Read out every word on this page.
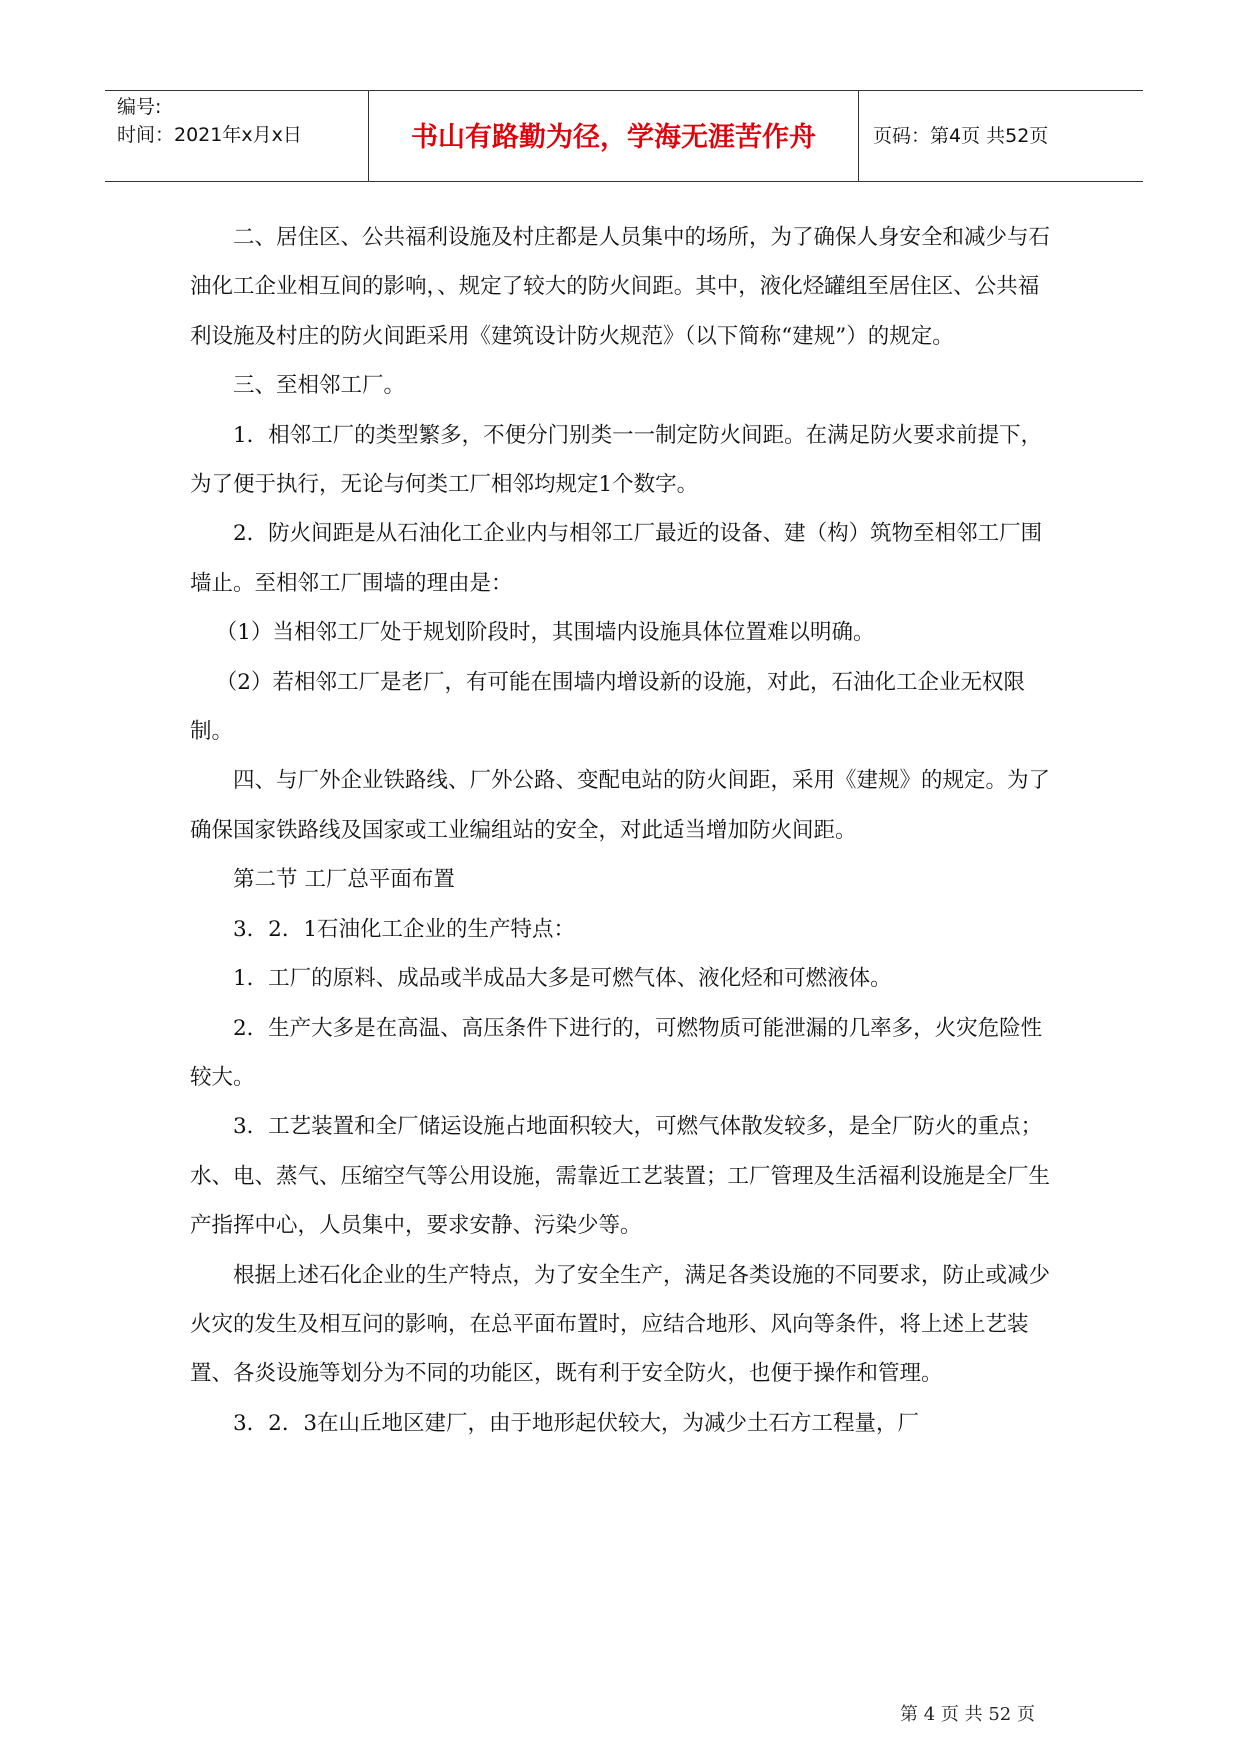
编号:
时间：2021年x月x日	书山有路勤为径，学海无涯苦作舟	页码：第4页 共52页

二、居住区、公共福利设施及村庄都是人员集中的场所，为了确保人身安全和减少与石油化工企业相互间的影响，、规定了较大的防火间距。其中，液化烃罐组至居住区、公共福利设施及村庄的防火间距采用《建筑设计防火规范》（以下简称“建规”）的规定。

三、至相邻工厂。

1．相邻工厂的类型繁多，不便分门别类一一制定防火间距。在满足防火要求前提下，为了便于执行，无论与何类工厂相邻均规定1个数字。

2．防火间距是从石油化工企业内与相邻工厂最近的设备、建（构）筑物至相邻工厂围墙止。至相邻工厂围墙的理由是：

（1）当相邻工厂处于规划阶段时，其围墙内设施具体位置难以明确。

（2）若相邻工厂是老厂，有可能在围墙内增设新的设施，对此，石油化工企业无权限制。

四、与厂外企业铁路线、厂外公路、变配电站的防火间距，采用《建规》的规定。为了确保国家铁路线及国家或工业编组站的安全，对此适当增加防火间距。

第二节 工厂总平面布置

3．2．1石油化工企业的生产特点：

1．工厂的原料、成品或半成品大多是可燃气体、液化烃和可燃液体。

2．生产大多是在高温、高压条件下进行的，可燃物质可能泄漏的几率多，火灾危险性较大。

3．工艺装置和全厂储运设施占地面积较大，可燃气体散发较多，是全厂防火的重点；水、电、蒸气、压缩空气等公用设施，需靠近工艺装置；工厂管理及生活福利设施是全厂生产指挥中心，人员集中，要求安静、污染少等。

根据上述石化企业的生产特点，为了安全生产，满足各类设施的不同要求，防止或减少火灾的发生及相互问的影响，在总平面布置时，应结合地形、风向等条件，将上述上艺装置、各炎设施等划分为不同的功能区，既有利于安全防火，也便于操作和管理。

3．2．3在山丘地区建厂，由于地形起伏较大，为减少土石方工程量，厂

第 4 页 共 52 页
